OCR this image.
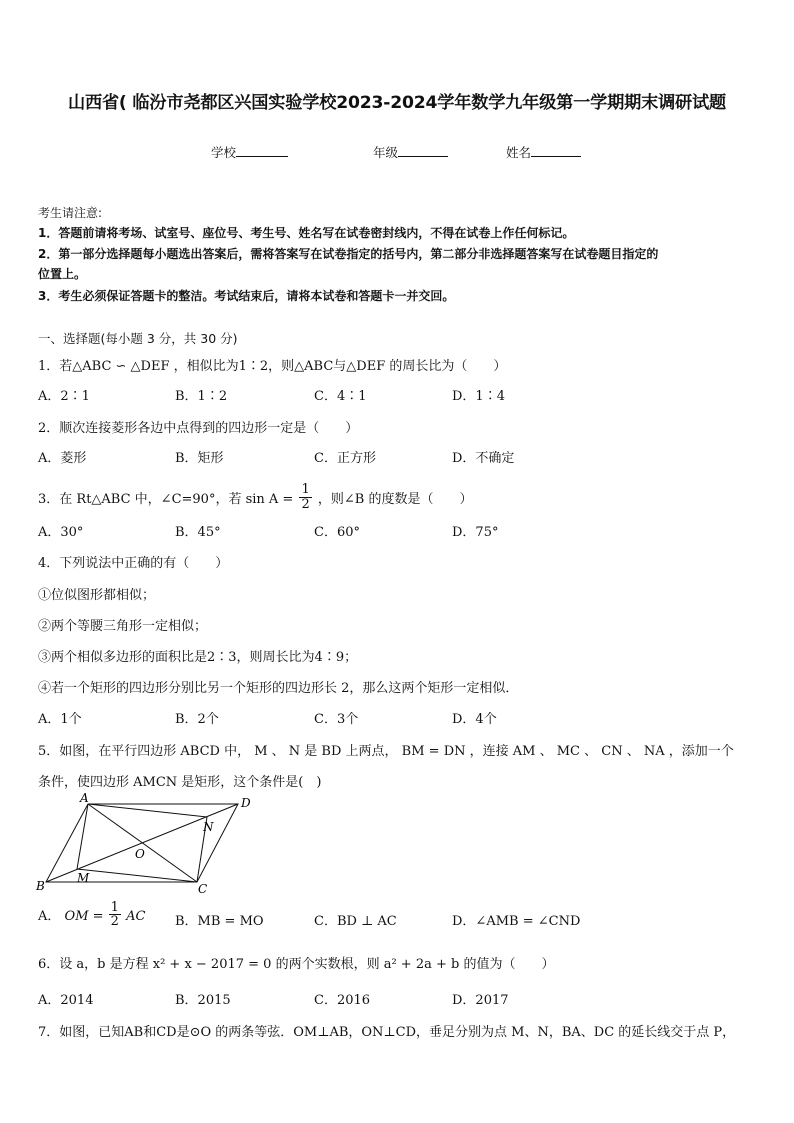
山西省( 临汾市尧都区兴国实验学校2023-2024学年数学九年级第一学期期末调研试题
学校	年级	姓名
考生请注意:
1．答题前请将考场、试室号、座位号、考生号、姓名写在试卷密封线内，不得在试卷上作任何标记。
2．第一部分选择题每小题选出答案后，需将答案写在试卷指定的括号内，第二部分非选择题答案写在试卷题目指定的
位置上。
3．考生必须保证答题卡的整洁。考试结束后，请将本试卷和答题卡一并交回。
一、选择题(每小题 3 分，共 30 分)
1．若△ABC ∽ △DEF ，相似比为1∶2，则△ABC与△DEF 的周长比为（　　）
A．2∶1	B．1∶2	C．4∶1	D．1∶4
2．顺次连接菱形各边中点得到的四边形一定是（　　）
A．菱形	B．矩形	C．正方形	D．不确定
3．在 Rt△ABC 中，∠C=90°，若 $\sin A = \frac{1}{2}$ ，则∠B 的度数是（　　）
A．30°	B．45°	C．60°	D．75°
4．下列说法中正确的有（　　）
①位似图形都相似；
②两个等腰三角形一定相似；
③两个相似多边形的面积比是2∶3，则周长比为4∶9；
④若一个矩形的四边形分别比另一个矩形的四边形长 2，那么这两个矩形一定相似．
A．1个	B．2个	C．3个	D．4个
5．如图，在平行四边形 ABCD 中， M 、 N 是 BD 上两点， BM = DN ，连接 AM 、 MC 、 CN 、 NA ，添加一个
条件，使四边形 AMCN 是矩形，这个条件是(　)
A	D
N
O
B
M
C
A． OM = $\frac{1}{2}$ AC B．MB = MO	C．BD ⊥ AC	D．∠AMB = ∠CND
6．设 a，b 是方程 x² + x − 2017 = 0 的两个实数根，则 a² + 2a + b 的值为（　　）
A．2014	B．2015	C．2016	D．2017
7．如图，已知AB和CD是⊙O 的两条等弦．OM⊥AB，ON⊥CD，垂足分别为点 M、N，BA、DC 的延长线交于点 P，
